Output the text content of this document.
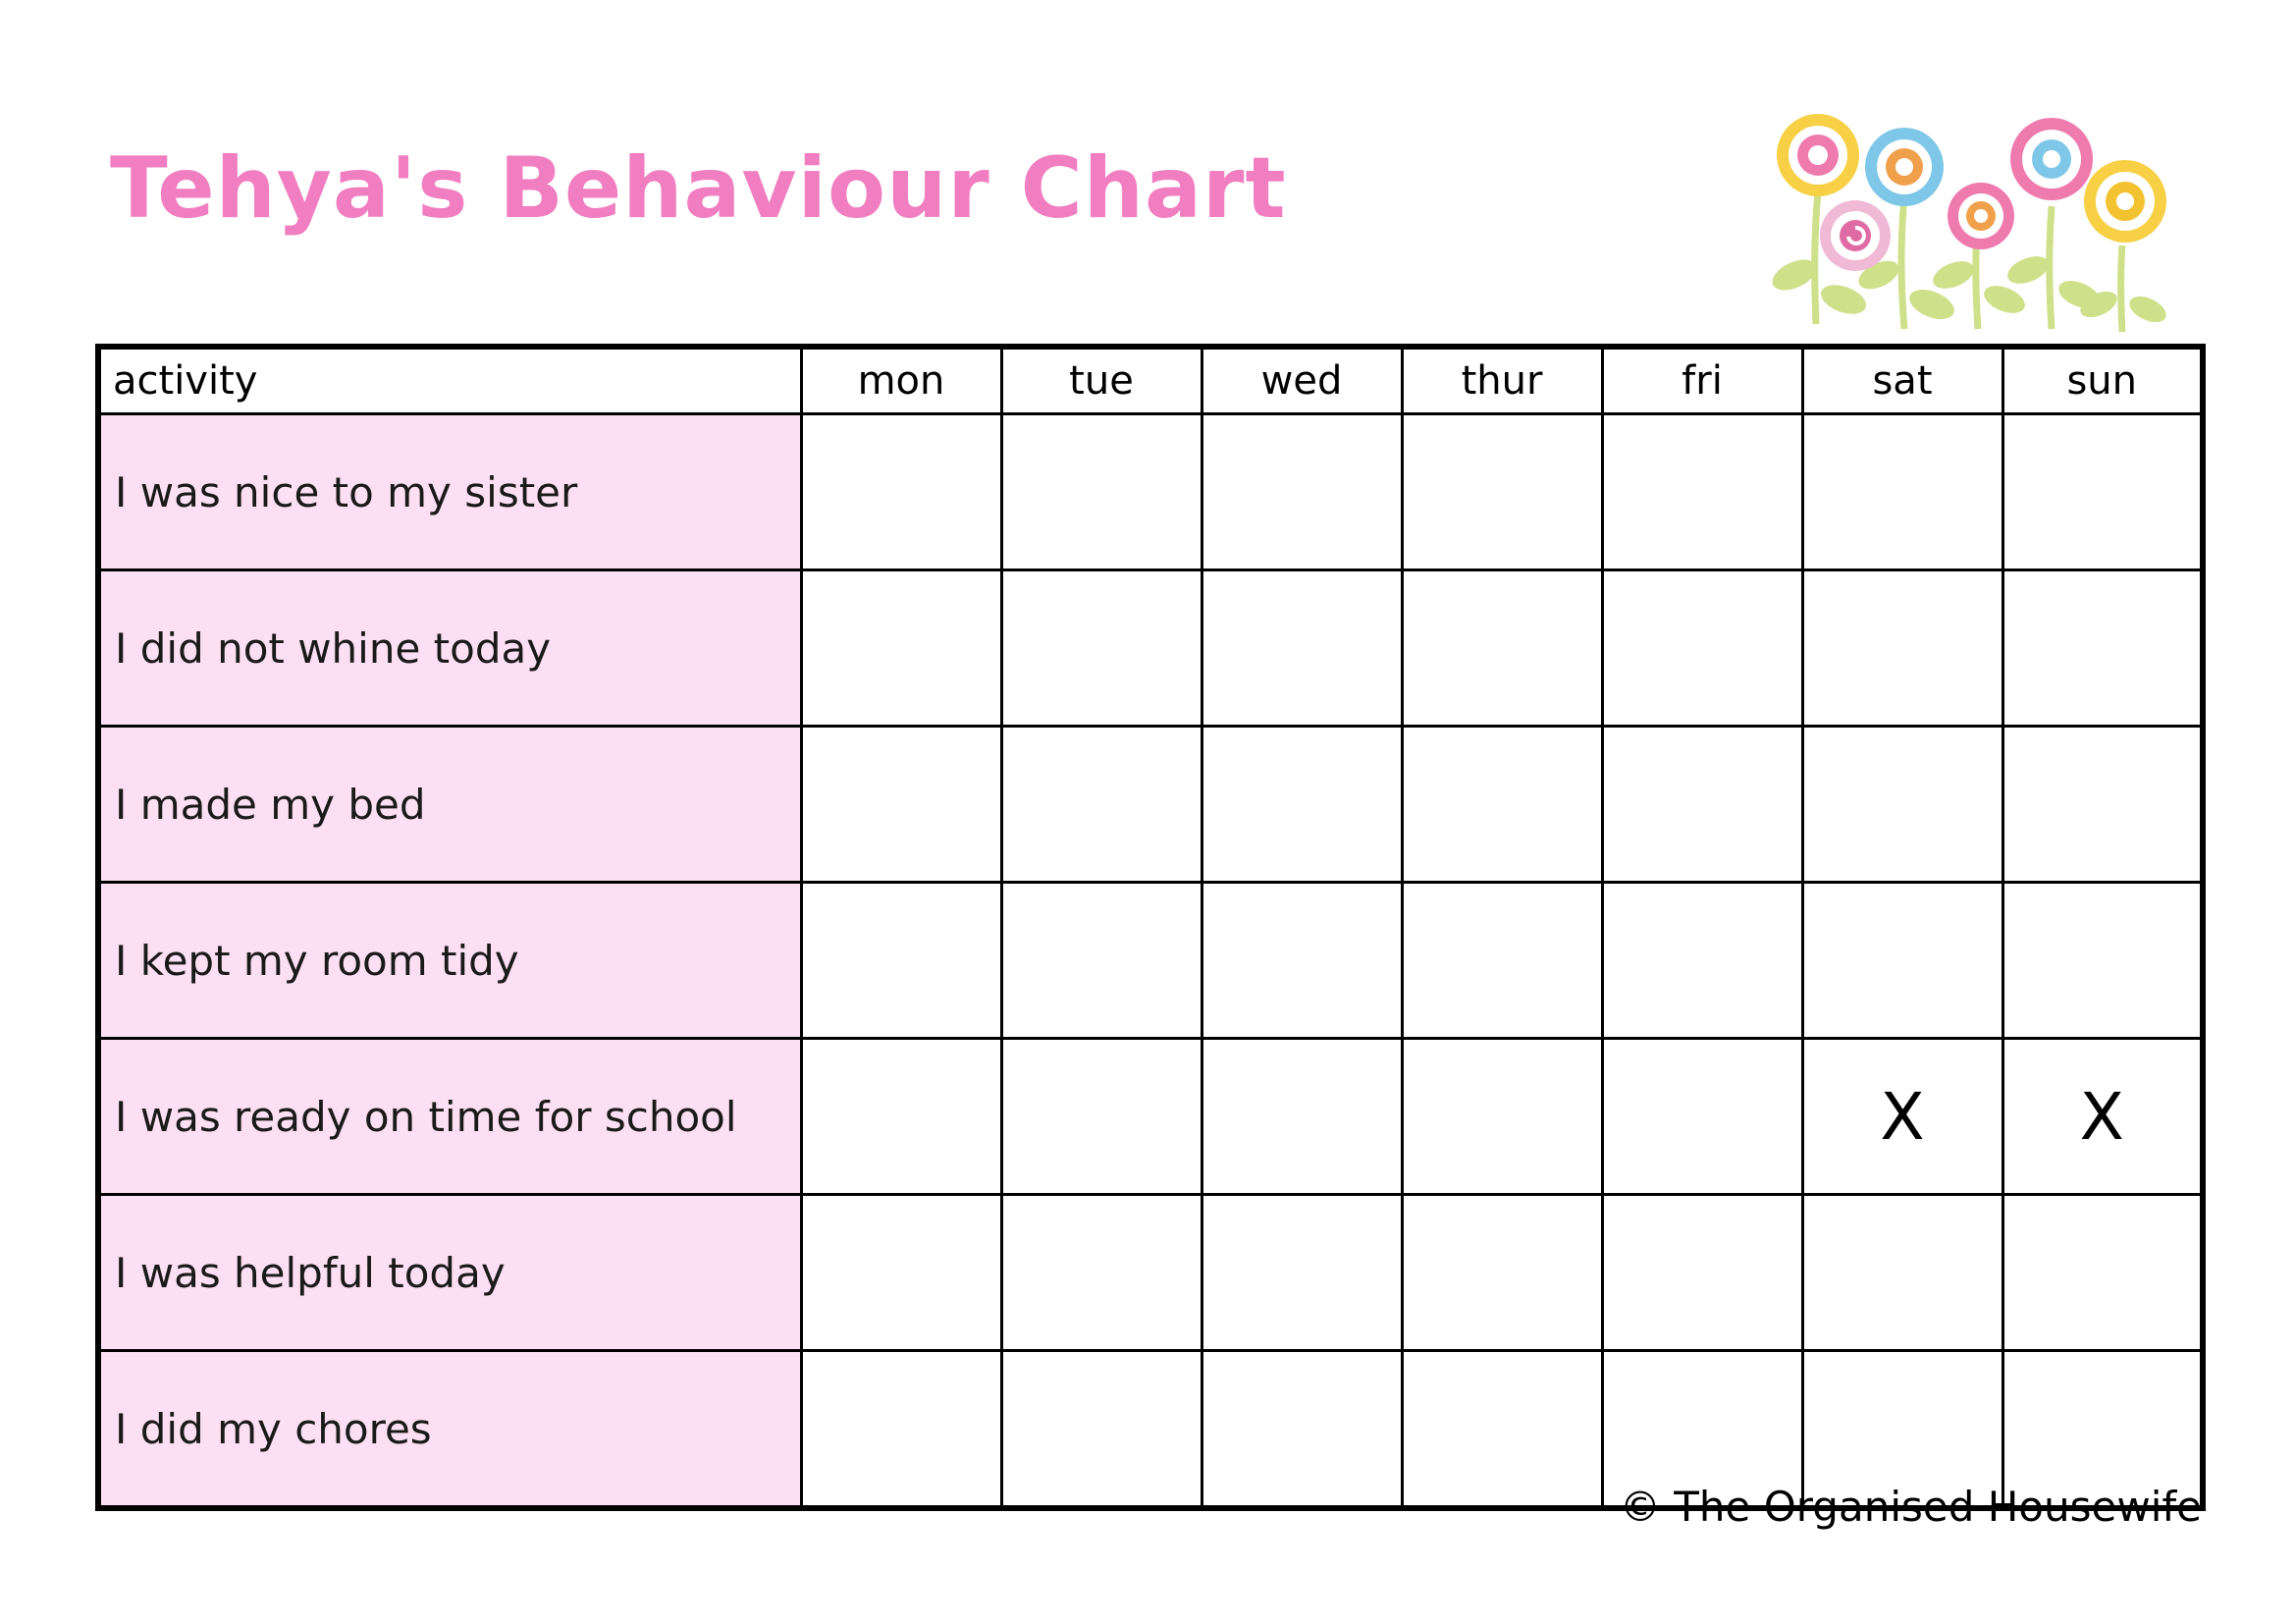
Tehya's Behaviour Chart
activity	mon	tue	wed	thur	fri	sat	sun
I was nice to my sister							
I did not whine today							
I made my bed							
I kept my room tidy							
I was ready on time for school						X	X
I was helpful today							
I did my chores							
© The Organised Housewife
